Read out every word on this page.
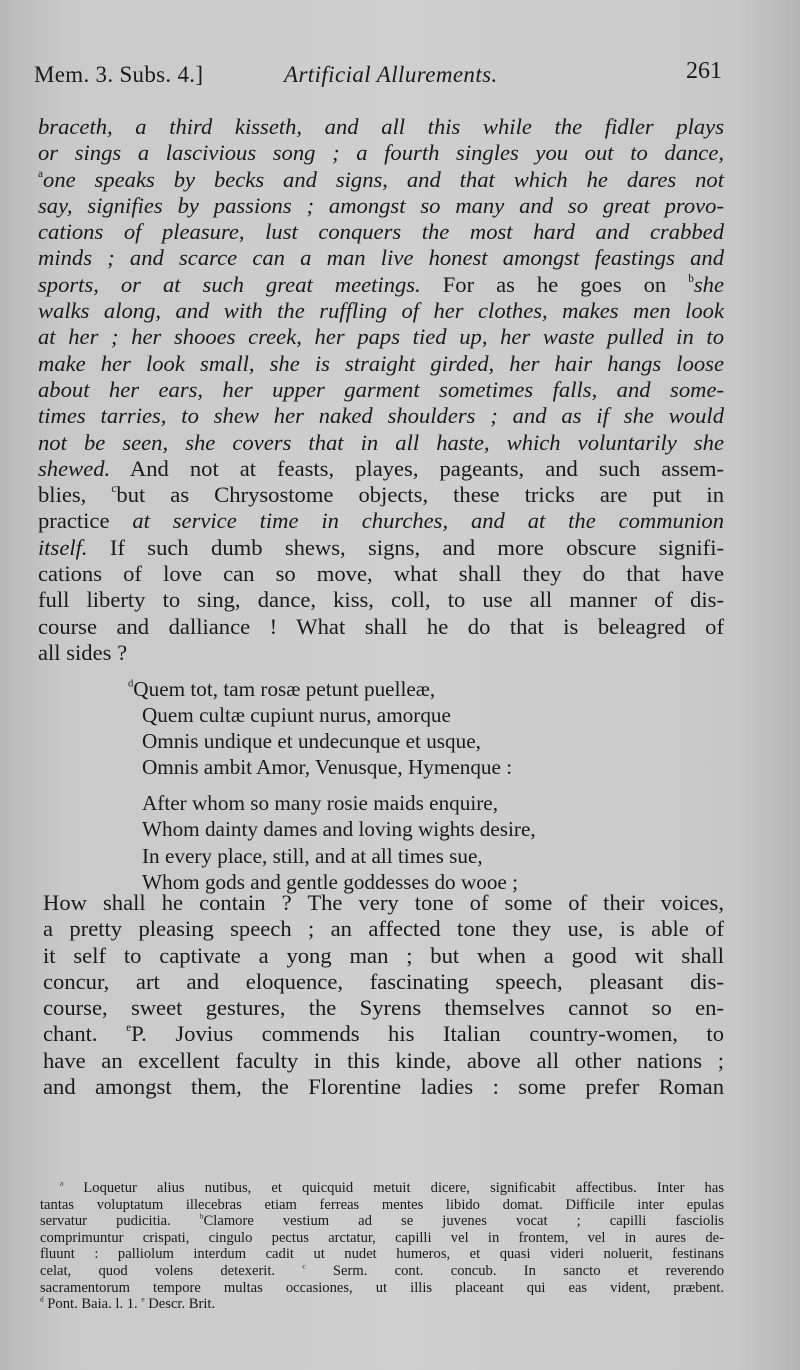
Mem. 3. Subs. 4.]	Artificial Allurements.	261
braceth, a third kisseth, and all this while the fidler plays
or sings a lascivious song ; a fourth singles you out to dance,
$^a$one speaks by becks and signs, and that which he dares not
say, signifies by passions ; amongst so many and so great provo-
cations of pleasure, lust conquers the most hard and crabbed
minds ; and scarce can a man live honest amongst feastings and
sports, or at such great meetings. For as he goes on $^b$she
walks along, and with the ruffling of her clothes, makes men look
at her ; her shooes creek, her paps tied up, her waste pulled in to
make her look small, she is straight girded, her hair hangs loose
about her ears, her upper garment sometimes falls, and some-
times tarries, to shew her naked shoulders ; and as if she would
not be seen, she covers that in all haste, which voluntarily she
shewed. And not at feasts, playes, pageants, and such assem-
blies, $^c$but as Chrysostome objects, these tricks are put in
practice at service time in churches, and at the communion
itself. If such dumb shews, signs, and more obscure signifi-
cations of love can so move, what shall they do that have
full liberty to sing, dance, kiss, coll, to use all manner of dis-
course and dalliance ! What shall he do that is beleagred of
all sides ?
$^d$Quem tot, tam rosæ petunt puelleæ,
Quem cultæ cupiunt nurus, amorque
Omnis undique et undecunque et usque,
Omnis ambit Amor, Venusque, Hymenque :
After whom so many rosie maids enquire,
Whom dainty dames and loving wights desire,
In every place, still, and at all times sue,
Whom gods and gentle goddesses do wooe ;
How shall he contain ? The very tone of some of their voices,
a pretty pleasing speech ; an affected tone they use, is able of
it self to captivate a yong man ; but when a good wit shall
concur, art and eloquence, fascinating speech, pleasant dis-
course, sweet gestures, the Syrens themselves cannot so en-
chant. $^e$P. Jovius commends his Italian country-women, to
have an excellent faculty in this kinde, above all other nations ;
and amongst them, the Florentine ladies : some prefer Roman
$^a$ Loquetur alius nutibus, et quicquid metuit dicere, significabit affectibus. Inter has
tantas voluptatum illecebras etiam ferreas mentes libido domat. Difficile inter epulas
servatur pudicitia. $^b$Clamore vestium ad se juvenes vocat ; capilli fasciolis
comprimuntur crispati, cingulo pectus arctatur, capilli vel in frontem, vel in aures de-
fluunt : palliolum interdum cadit ut nudet humeros, et quasi videri noluerit, festinans
celat, quod volens detexerit. $^c$ Serm. cont. concub. In sancto et reverendo
sacramentorum tempore multas occasiones, ut illis placeant qui eas vident, præbent.
$^d$ Pont. Baia. l. 1. $^e$ Descr. Brit.
